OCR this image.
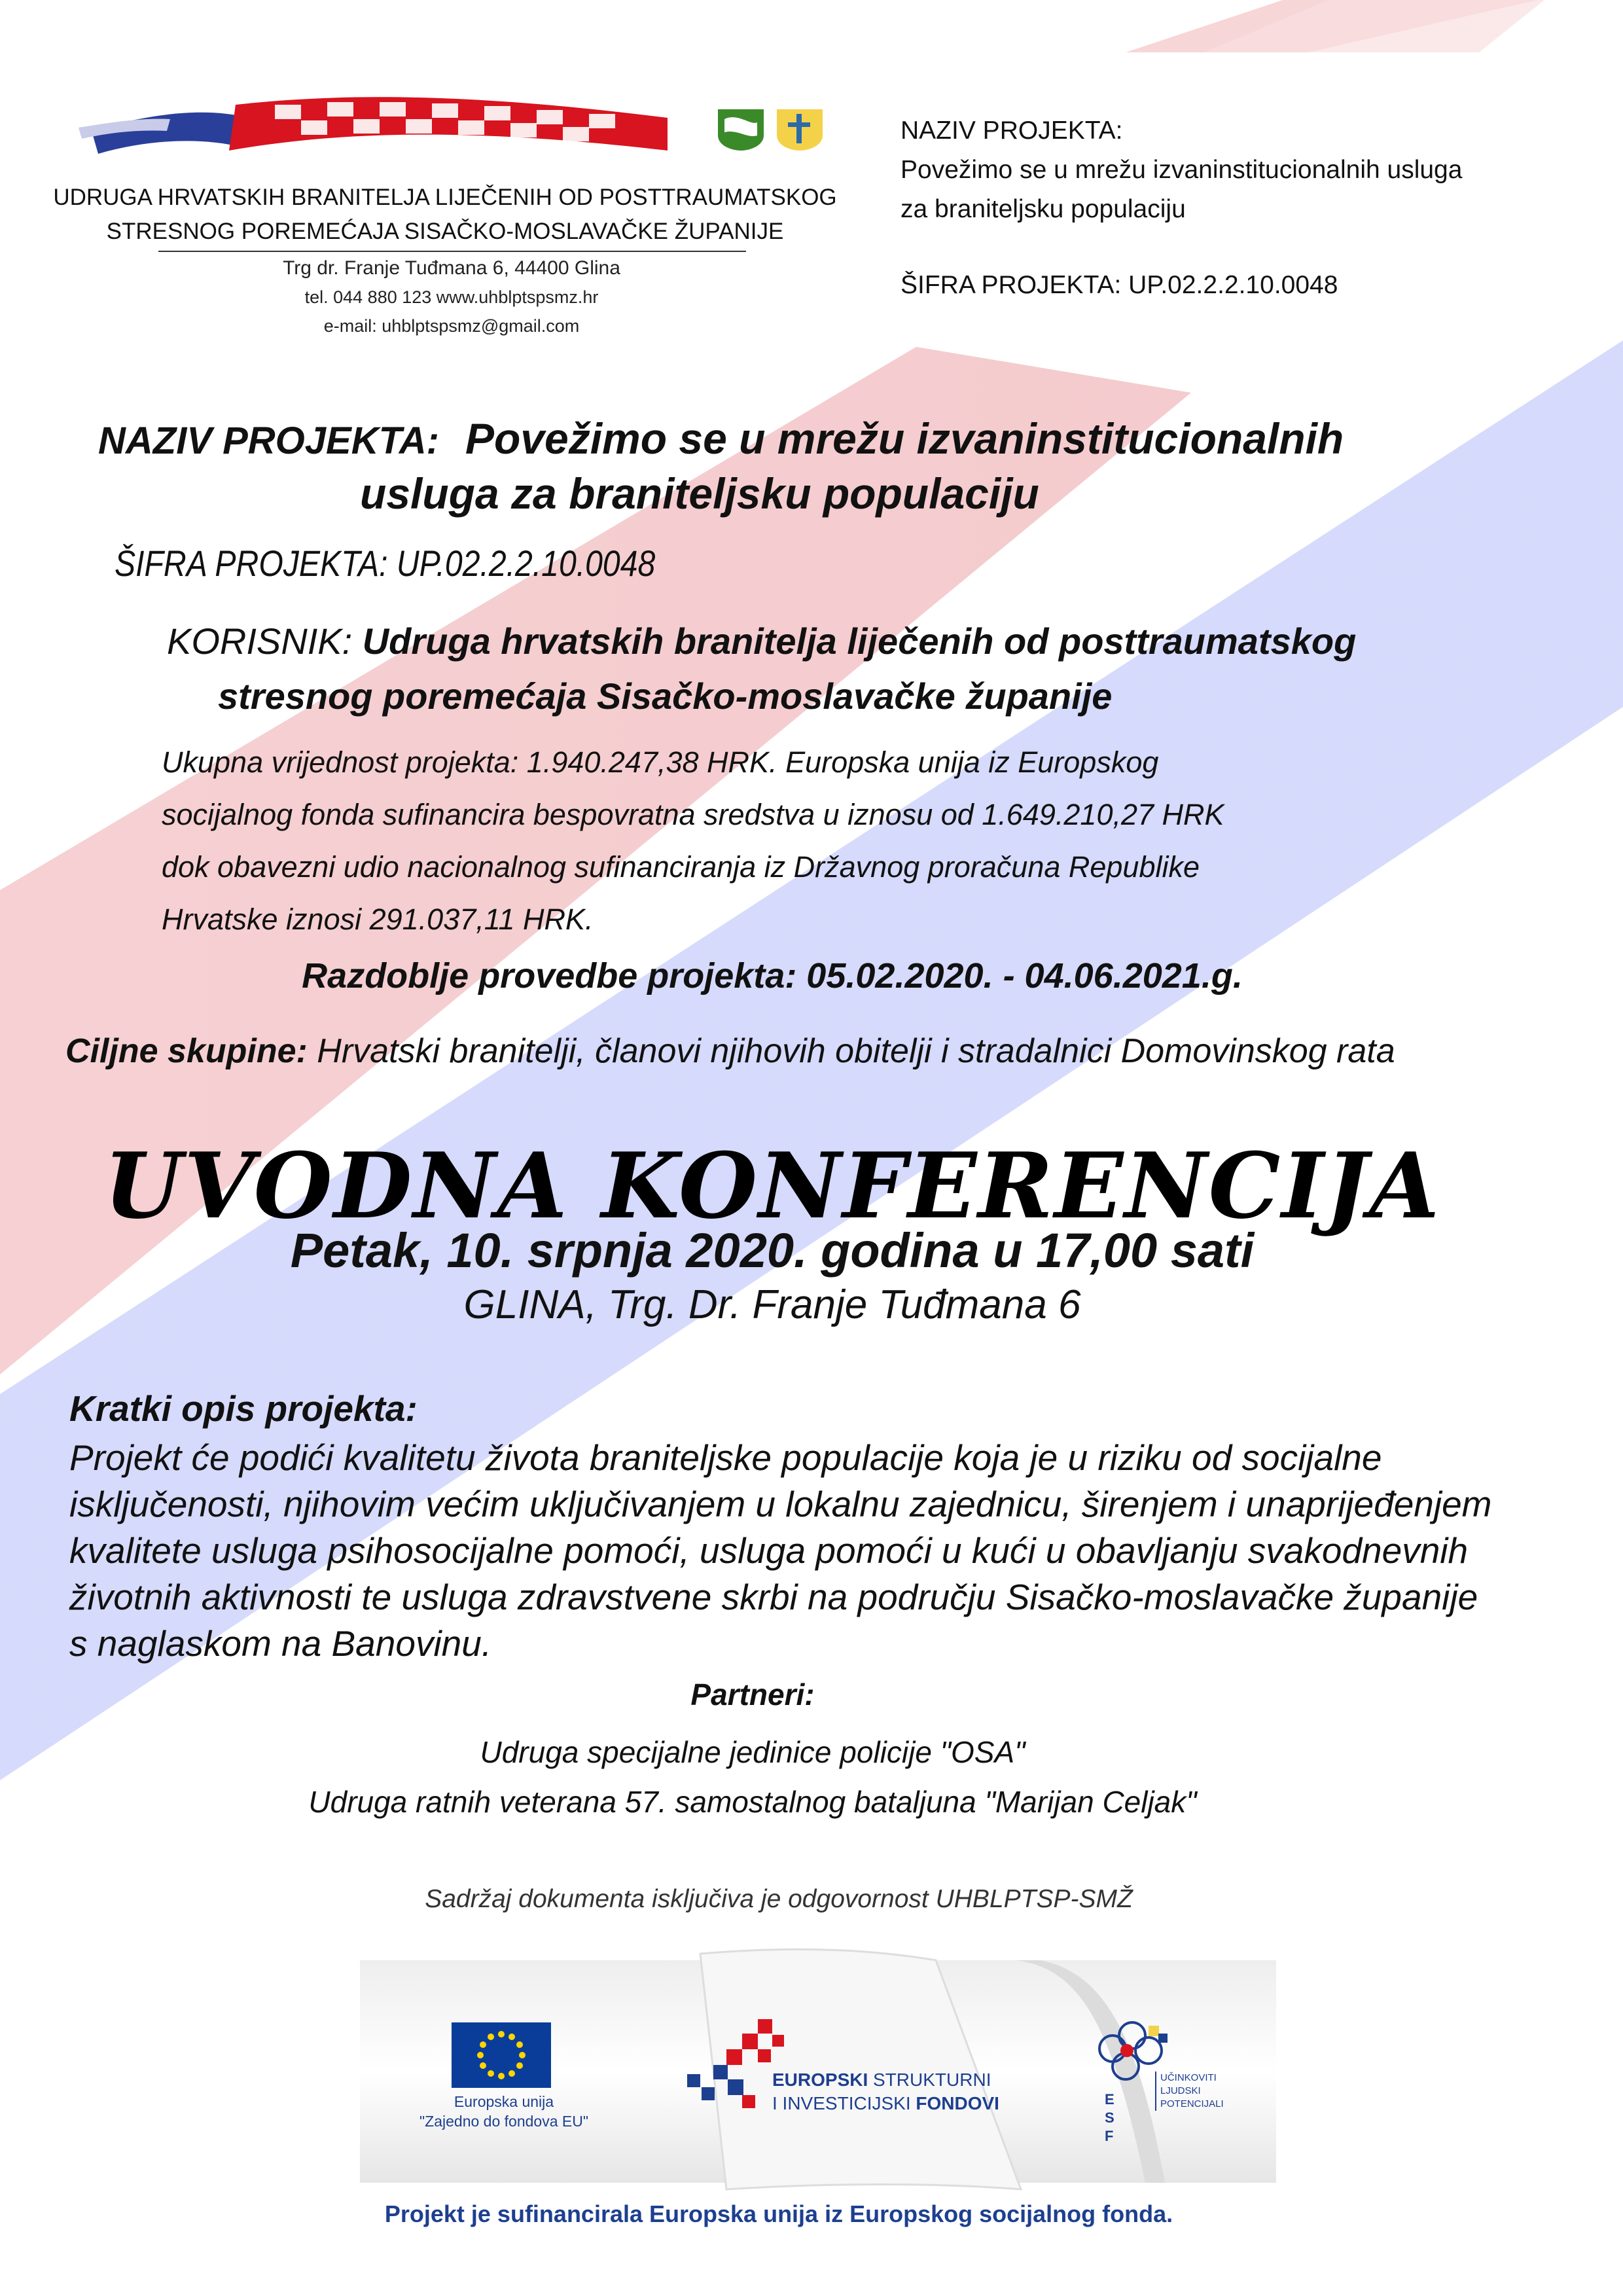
UDRUGA HRVATSKIH BRANITELJA LIJEČENIH OD POSTTRAUMATSKOG
STRESNOG POREMEĆAJA SISAČKO-MOSLAVAČKE ŽUPANIJE
Trg dr. Franje Tuđmana 6, 44400 Glina
tel. 044 880 123 www.uhblptspsmz.hr
e-mail: uhblptspsmz@gmail.com
NAZIV PROJEKTA:
Povežimo se u mrežu izvaninstitucionalnih usluga
za braniteljsku populaciju
ŠIFRA PROJEKTA: UP.02.2.2.10.0048
NAZIV PROJEKTA: Povežimo se u mrežu izvaninstitucionalnih
usluga za braniteljsku populaciju
ŠIFRA PROJEKTA: UP.02.2.2.10.0048
KORISNIK: Udruga hrvatskih branitelja liječenih od posttraumatskog
stresnog poremećaja Sisačko-moslavačke županije
Ukupna vrijednost projekta: 1.940.247,38 HRK. Europska unija iz Europskog
socijalnog fonda sufinancira bespovratna sredstva u iznosu od 1.649.210,27 HRK
dok obavezni udio nacionalnog sufinanciranja iz Državnog proračuna Republike
Hrvatske iznosi 291.037,11 HRK.
Razdoblje provedbe projekta: 05.02.2020. - 04.06.2021.g.
Ciljne skupine: Hrvatski branitelji, članovi njihovih obitelji i stradalnici Domovinskog rata
UVODNA KONFERENCIJA
Petak, 10. srpnja 2020. godina u 17,00 sati
GLINA, Trg. Dr. Franje Tuđmana 6
Kratki opis projekta:
Projekt će podići kvalitetu života braniteljske populacije koja je u riziku od socijalne
isključenosti, njihovim većim uključivanjem u lokalnu zajednicu, širenjem i unaprijeđenjem
kvalitete usluga psihosocijalne pomoći, usluga pomoći u kući u obavljanju svakodnevnih
životnih aktivnosti te usluga zdravstvene skrbi na području Sisačko-moslavačke županije
s naglaskom na Banovinu.
Partneri:
Udruga specijalne jedinice policije "OSA"
Udruga ratnih veterana 57. samostalnog bataljuna "Marijan Celjak"
Sadržaj dokumenta isključiva je odgovornost UHBLPTSP-SMŽ
Europska unija
"Zajedno do fondova EU"
EUROPSKI STRUKTURNI
I INVESTICIJSKI FONDOVI	E
S
F
UČINKOVITI
LJUDSKI
POTENCIJALI
Projekt je sufinancirala Europska unija iz Europskog socijalnog fonda.
